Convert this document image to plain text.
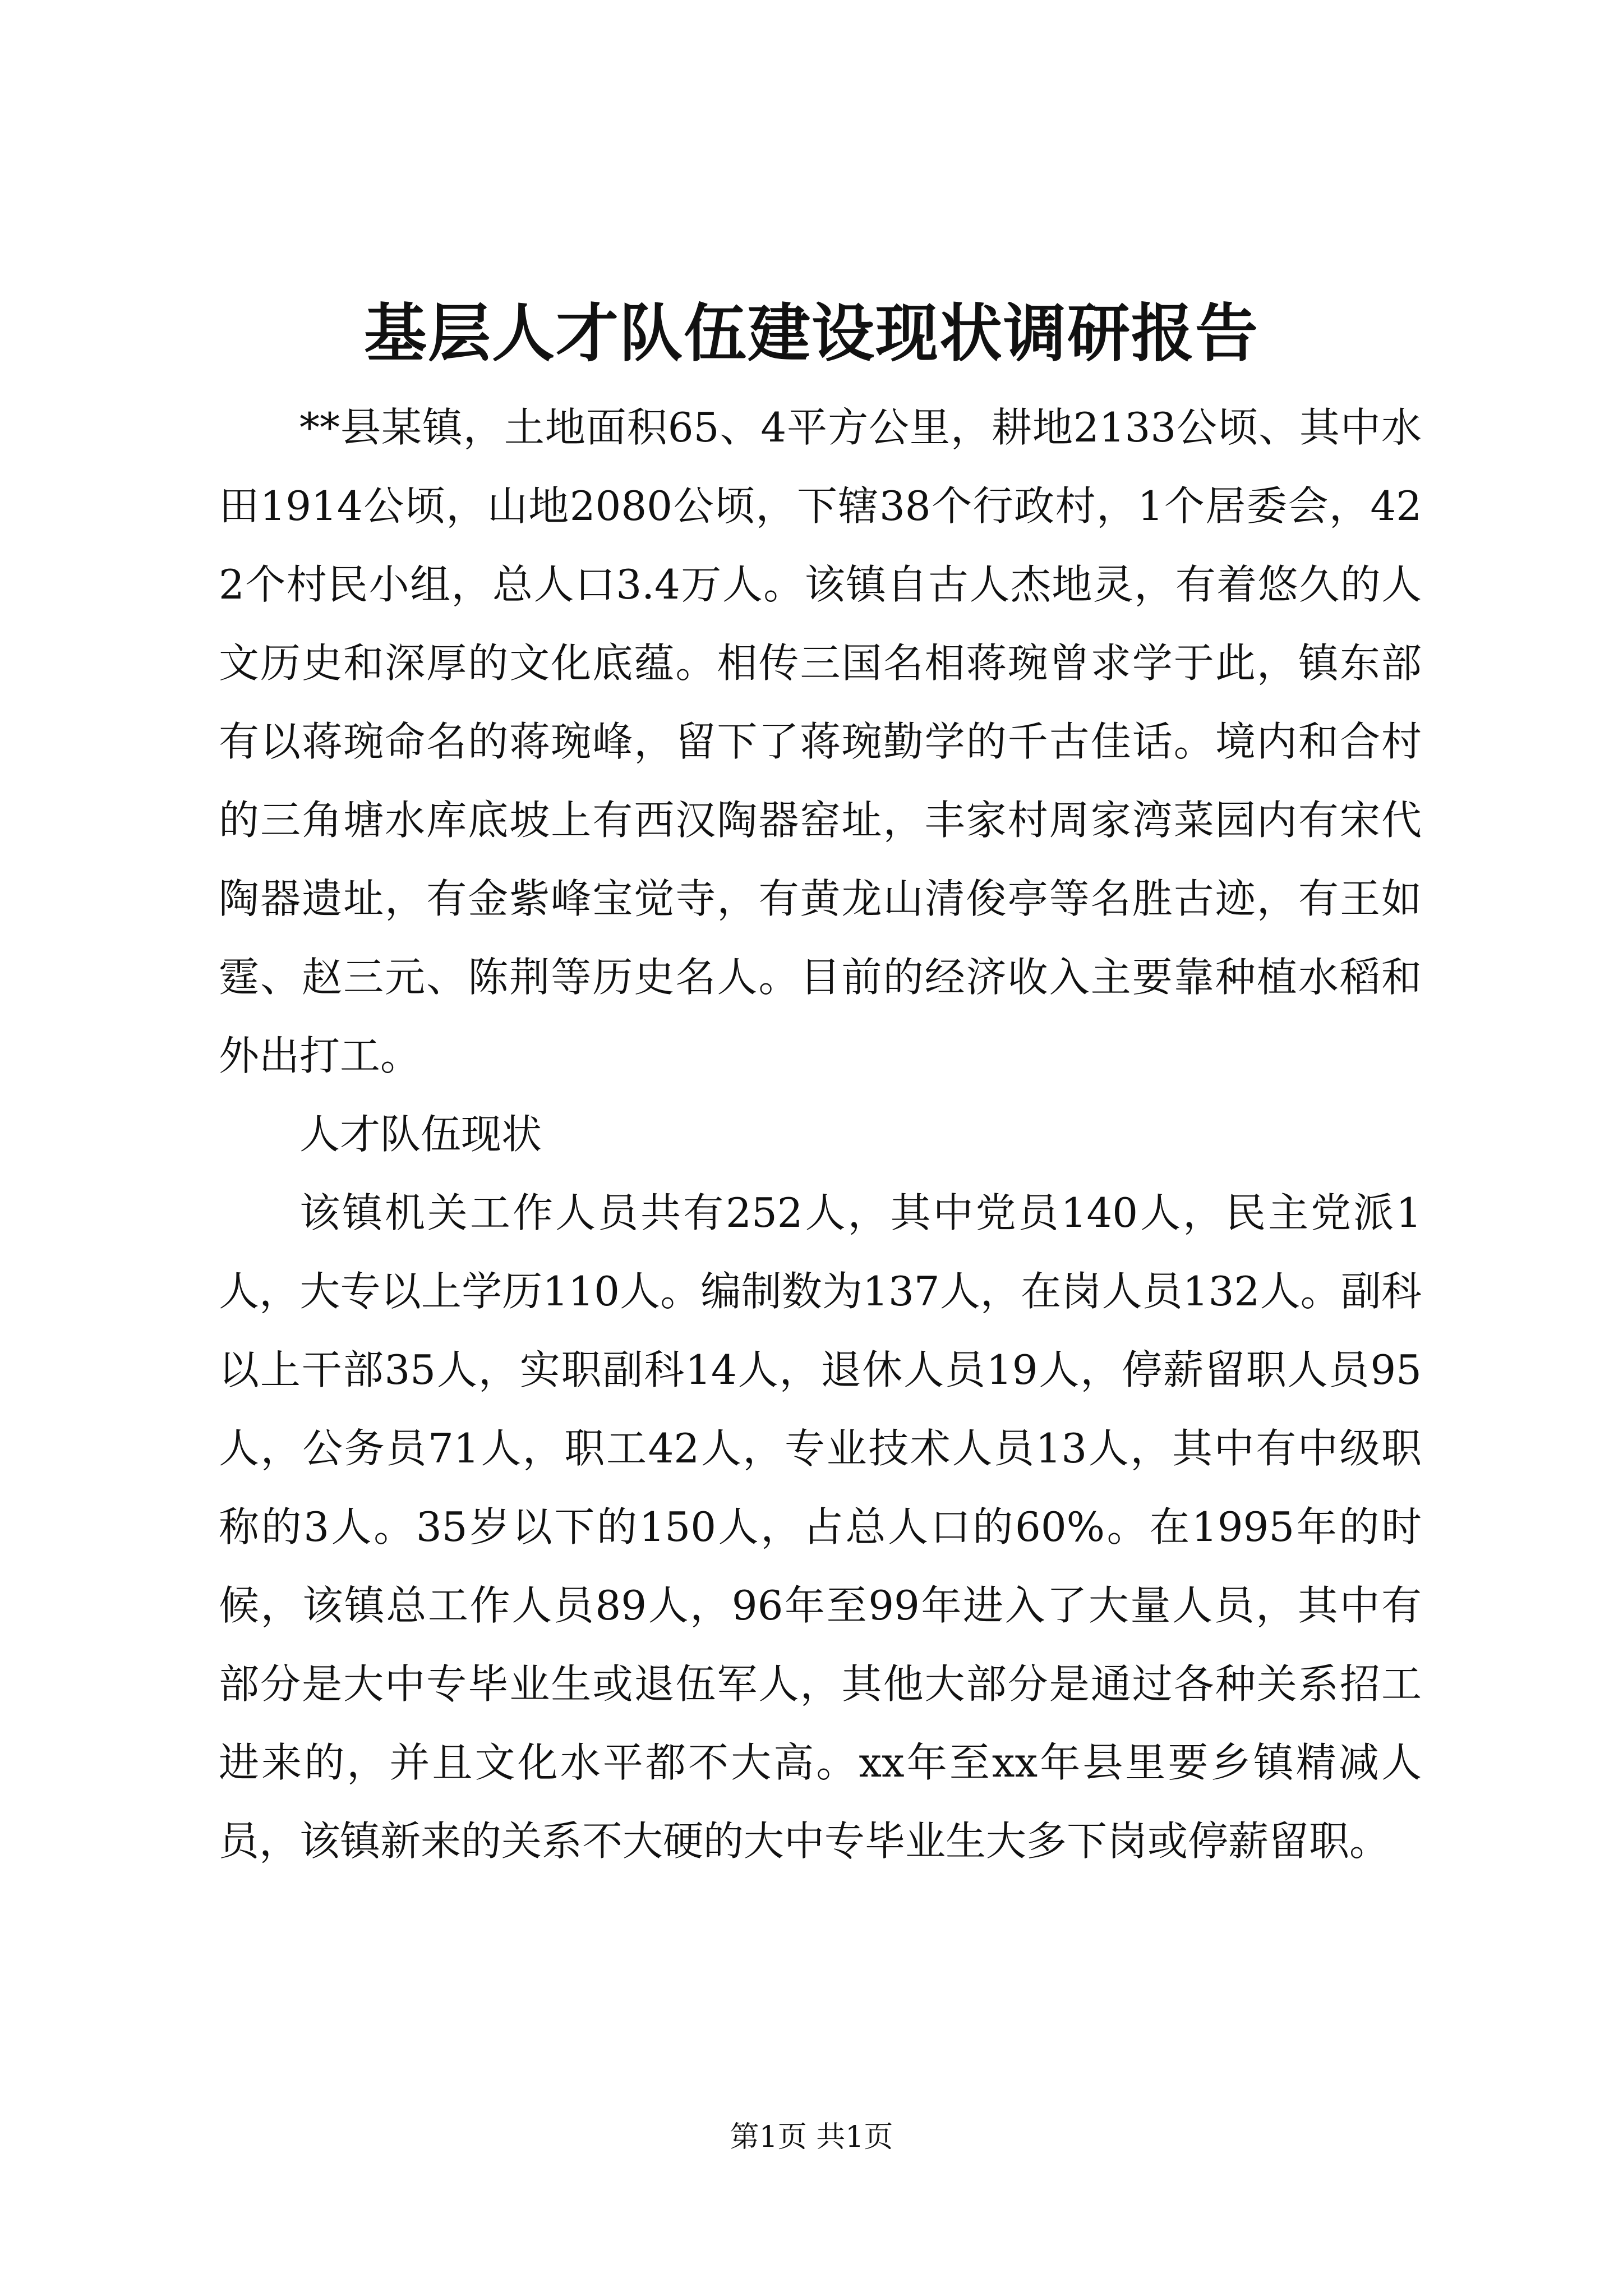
基层人才队伍建设现状调研报告

**县某镇，土地面积65、4平方公里，耕地2133公顷、其中水田1914公顷，山地2080公顷，下辖38个行政村，1个居委会，422个村民小组，总人口3.4万人。该镇自古人杰地灵，有着悠久的人文历史和深厚的文化底蕴。相传三国名相蒋琬曾求学于此，镇东部有以蒋琬命名的蒋琬峰，留下了蒋琬勤学的千古佳话。境内和合村的三角塘水库底坡上有西汉陶器窑址，丰家村周家湾菜园内有宋代陶器遗址，有金紫峰宝觉寺，有黄龙山清俊亭等名胜古迹，有王如霆、赵三元、陈荆等历史名人。目前的经济收入主要靠种植水稻和外出打工。

人才队伍现状

该镇机关工作人员共有252人，其中党员140人，民主党派1人，大专以上学历110人。编制数为137人，在岗人员132人。副科以上干部35人，实职副科14人，退休人员19人，停薪留职人员95人，公务员71人，职工42人，专业技术人员13人，其中有中级职称的3人。35岁以下的150人，占总人口的60%。在1995年的时候，该镇总工作人员89人，96年至99年进入了大量人员，其中有部分是大中专毕业生或退伍军人，其他大部分是通过各种关系招工进来的，并且文化水平都不大高。xx年至xx年县里要乡镇精减人员，该镇新来的关系不大硬的大中专毕业生大多下岗或停薪留职。

第1页 共1页
